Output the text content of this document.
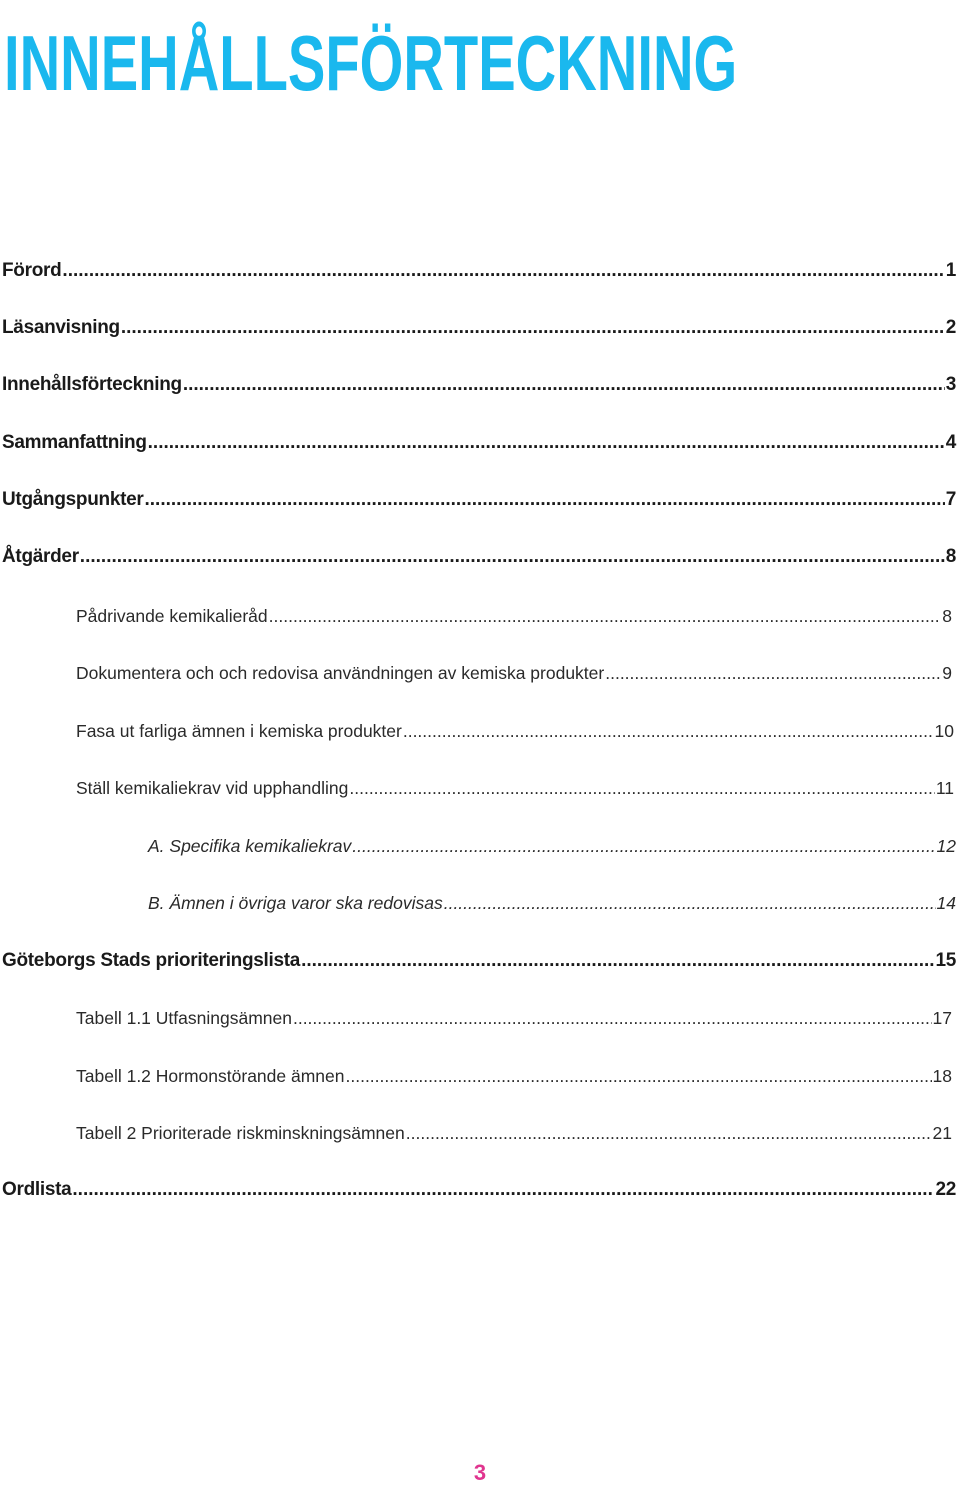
INNEHÅLLSFÖRTECKNING
Förord .....	1
Läsanvisning .....	2
Innehållsförteckning .....	3
Sammanfattning .....	4
Utgångspunkter .....	7
Åtgärder .....	8
Pådrivande kemikalieråd .....	8
Dokumentera och och redovisa användningen av kemiska produkter .....	9
Fasa ut farliga ämnen i kemiska produkter .....	10
Ställ kemikaliekrav vid upphandling .....	11
A. Specifika kemikaliekrav .....	12
B. Ämnen i övriga varor ska redovisas .....	14
Göteborgs Stads prioriteringslista .....	15
Tabell 1.1 Utfasningsämnen .....	17
Tabell 1.2 Hormonstörande ämnen .....	18
Tabell 2 Prioriterade riskminskningsämnen .....	21
Ordlista .....	22
3
